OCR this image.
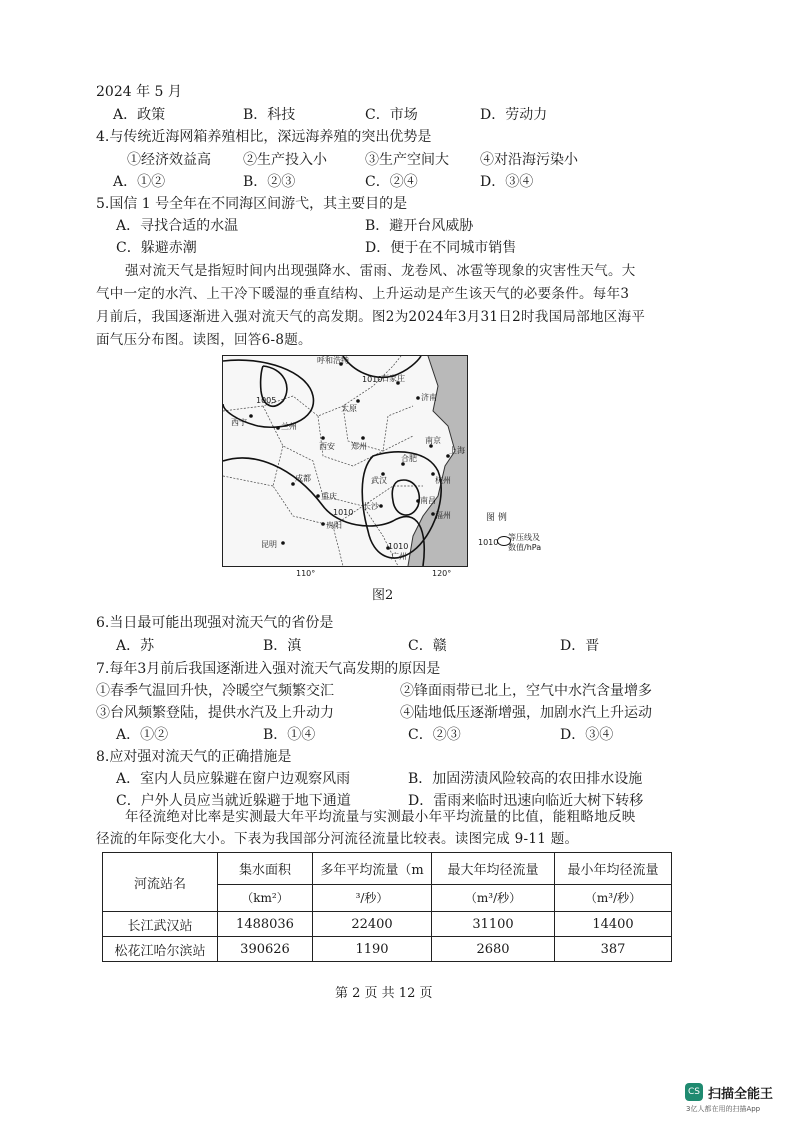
2024 年 5 月
A．政策	B．科技	C．市场	D．劳动力
4.与传统近海网箱养殖相比，深远海养殖的突出优势是
①经济效益高 ②生产投入小	③生产空间大 ④对沿海污染小
A．①②	B．②③	C．②④	D．③④
5.国信 1 号全年在不同海区间游弋，其主要目的是
A．寻找合适的水温	B．避开台风威胁
C．躲避赤潮	D．便于在不同城市销售
强对流天气是指短时间内出现强降水、雷雨、龙卷风、冰雹等现象的灾害性天气。大
气中一定的水汽、上干冷下暖湿的垂直结构、上升运动是产生该天气的必要条件。每年3
月前后，我国逐渐进入强对流天气的高发期。图2为2024年3月31日2时我国局部地区海平
面气压分布图。读图，回答6-8题。
呼和浩特
石家庄
太原
济南
西宁	兰州
西安 郑州
合肥
南京
上海
杭州
成都	武汉
南昌
长沙
重庆
贵阳
福州
昆明
广州
1005
1010
1010
1010
110°	120°
图 例
1010
等压线及
数值/hPa
图2
6.当日最可能出现强对流天气的省份是
A．苏	B．滇	C．赣	D．晋
7.每年3月前后我国逐渐进入强对流天气高发期的原因是
①春季气温回升快，冷暖空气频繁交汇	②锋面雨带已北上，空气中水汽含量增多
③台风频繁登陆，提供水汽及上升动力	④陆地低压逐渐增强，加剧水汽上升运动
A．①②	B．①④	C．②③	D．③④
8.应对强对流天气的正确措施是
A．室内人员应躲避在窗户边观察风雨	B．加固涝渍风险较高的农田排水设施
C．户外人员应当就近躲避于地下通道	D．雷雨来临时迅速向临近大树下转移
年径流绝对比率是实测最大年平均流量与实测最小年平均流量的比值，能粗略地反映
径流的年际变化大小。下表为我国部分河流径流量比较表。读图完成 9-11 题。
河流站名	集水面积	多年平均流量（m	最大年均径流量	最小年均径流量
	（km²）	³/秒）	（m³/秒）	（m³/秒）
长江武汉站	1488036	22400	31100	14400
松花江哈尔滨站	390626	1190	2680	387
第 2 页 共 12 页
CS 扫描全能王
3亿人都在用的扫描App
